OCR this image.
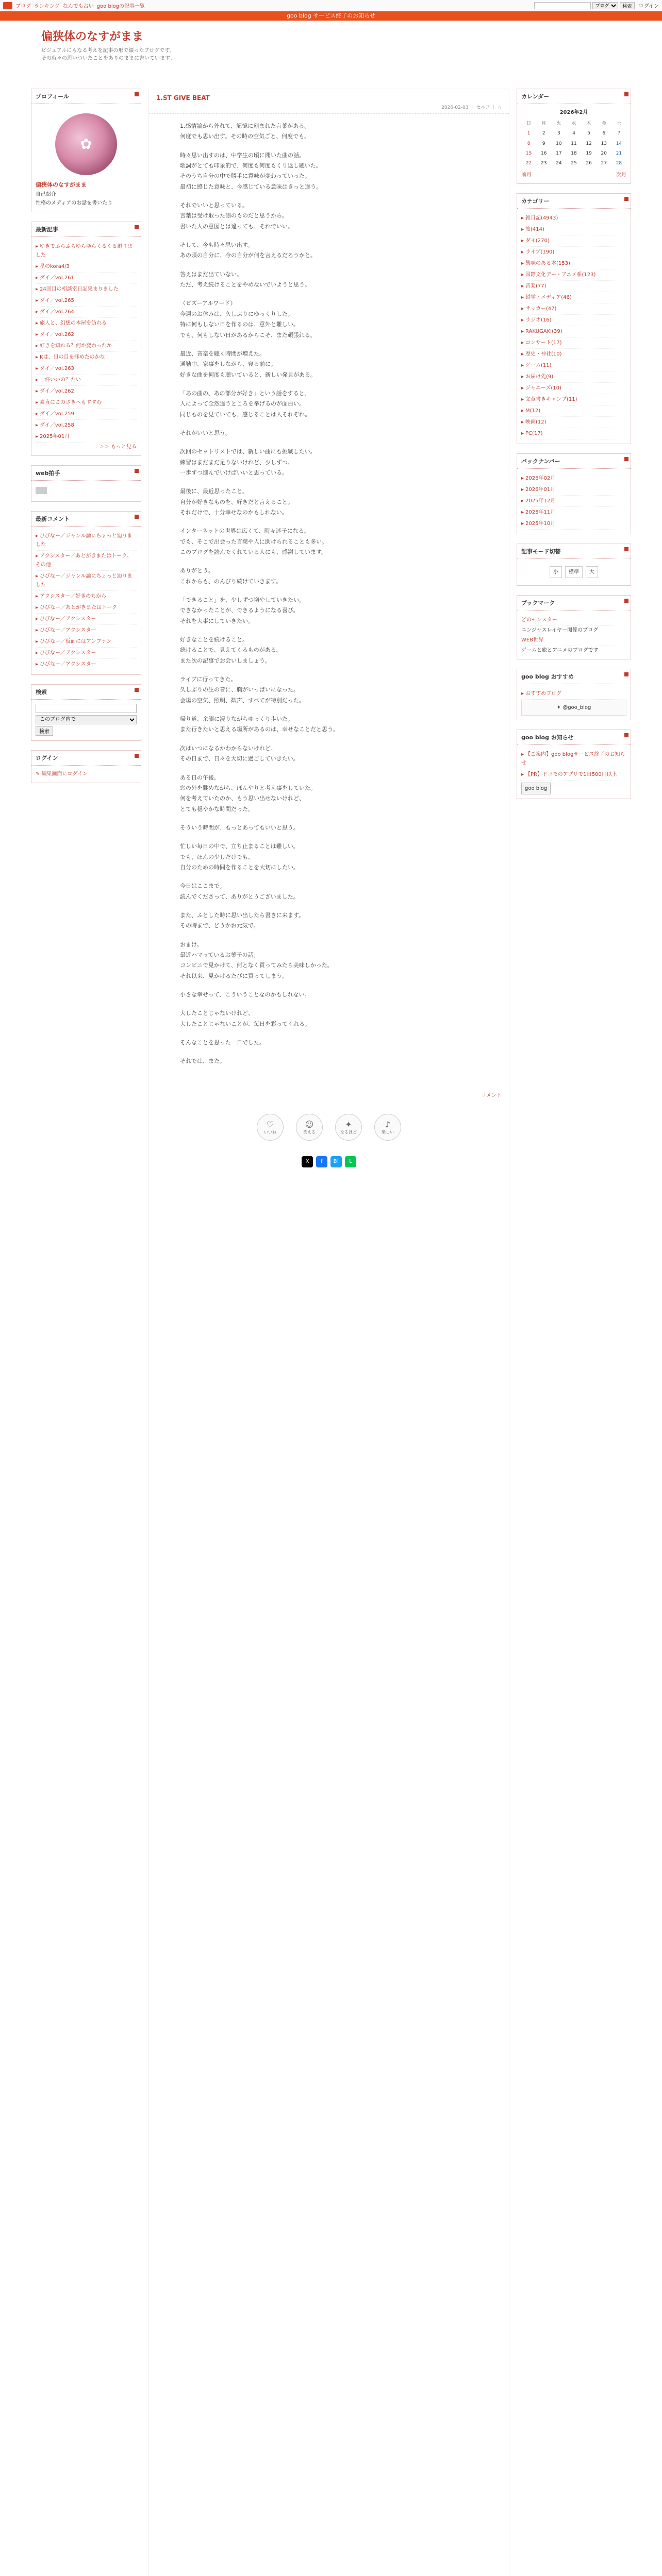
ブログ ランキング なんでも占い goo blogの記事一覧
ブログ	検索	ログイン
goo blog サービス終了のお知らせ
偏狭体のなすがまま
ビジュアルにもなる考えを記事の形で綴ったブログです。
その時々の思いついたことをありのままに書いています。
プロフィール
✿
偏狭体のなすがまま
自己紹介
性格のメディアのお話を書いたり
最新記事
▸ ゆきでふらふらゆらゆらくるくる廻りました
▸ 星のkora4/3
▸ ダイ／vol.261
▸ 24回目の相談室日記集まりました
▸ ダイ／vol.265
▸ ダイ／vol.264
▸ 旅人と、幻想の本屋を訪れる
▸ ダイ／vol.262
▸ 好きを知れる？何か変わったか
▸ Kは、日の目を拝めたのかな
▸ ダイ／vol.263
▸ 一件いいの？たい
▸ ダイ／vol.262
▸ 素直にこのさきへもすすむ
▸ ダイ／vol.259
▸ ダイ／vol.258
▸ 2025年01月
＞＞ もっと見る
web拍手
最新コメント
▸ ひびなー／ジャンル論にちょっと迫りました
▸ アクシスター／あとがきまたはトーク、その他
▸ ひびなー／ジャンル論にちょっと迫りました
▸ アクシスター／好きのちから
▸ ひびなー／あとがきまたはトーク
▸ ひびなー／アクシスター
▸ ひびなー／アクシスター
▸ ひびなー／仮面にはアンファン
▸ ひびなー／アクシスター
▸ ひびなー／アクシスター
検索

このブログ内で 検索
ログイン
✎ 編集画面にログイン
1.ST GIVE BEAT
2026-02-03 ｜ セルフ ｜ ☆

1.感情論から外れて、記憶に刻まれた言葉がある。
何度でも思い出す。その時の空気ごと、何度でも。

時々思い出すのは、中学生の頃に聞いた曲の話。
歌詞がとても印象的で、何度も何度もくり返し聴いた。
そのうち自分の中で勝手に意味が変わっていった。
最初に感じた意味と、今感じている意味はきっと違う。

それでいいと思っている。
言葉は受け取った側のものだと思うから。
書いた人の意図とは違っても、それでいい。

そして、今も時々思い出す。
あの頃の自分に、今の自分が何を言えるだろうかと。

答えはまだ出ていない。
ただ、考え続けることをやめないでいようと思う。

（ビズーアルワード）
今週のお休みは、久しぶりにゆっくりした。
特に何もしない日を作るのは、意外と難しい。
でも、何もしない日があるからこそ、また頑張れる。

最近、音楽を聴く時間が増えた。
通勤中、家事をしながら、寝る前に。
好きな曲を何度も聴いていると、新しい発見がある。

「あの曲の、あの部分が好き」という話をすると、
人によって全然違うところを挙げるのが面白い。
同じものを見ていても、感じることは人それぞれ。

それがいいと思う。

次回のセットリストでは、新しい曲にも挑戦したい。
練習はまだまだ足りないけれど、少しずつ。
一歩ずつ進んでいけばいいと思っている。

最後に、最近思ったこと。
自分が好きなものを、好きだと言えること。
それだけで、十分幸せなのかもしれない。

インターネットの世界は広くて、時々迷子になる。
でも、そこで出会った言葉や人に助けられることも多い。
このブログを読んでくれている人にも、感謝しています。

ありがとう。
これからも、のんびり続けていきます。

「できること」を、少しずつ増やしていきたい。
できなかったことが、できるようになる喜び。
それを大事にしていきたい。

好きなことを続けること。
続けることで、見えてくるものがある。
また次の記事でお会いしましょう。

ライブに行ってきた。
久しぶりの生の音に、胸がいっぱいになった。
会場の空気、照明、歓声、すべてが特別だった。

帰り道、余韻に浸りながらゆっくり歩いた。
また行きたいと思える場所があるのは、幸せなことだと思う。

次はいつになるかわからないけれど、
その日まで、日々を大切に過ごしていきたい。

ある日の午後。
窓の外を眺めながら、ぼんやりと考え事をしていた。
何を考えていたのか、もう思い出せないけれど、
とても穏やかな時間だった。

そういう時間が、もっとあってもいいと思う。

忙しい毎日の中で、立ち止まることは難しい。
でも、ほんの少しだけでも、
自分のための時間を作ることを大切にしたい。

今日はここまで。
読んでくださって、ありがとうございました。

また、ふとした時に思い出したら書きに来ます。
その時まで、どうかお元気で。

おまけ。
最近ハマっているお菓子の話。
コンビニで見かけて、何となく買ってみたら美味しかった。
それ以来、見かけるたびに買ってしまう。

小さな幸せって、こういうことなのかもしれない。

大したことじゃないけれど、
大したことじゃないことが、毎日を彩ってくれる。

そんなことを思った一日でした。

それでは、また。

コメント
♡
いいね
☺
笑える
✦
なるほど
♪
楽しい
X	f	B!	L
カレンダー
2026年2月
日	月	火	水	木	金	土
1	2	3	4	5	6	7
8	9	10	11	12	13	14
15	16	17	18	19	20	21
22	23	24	25	26	27	28
前月	次月
カテゴリー
▸ 雑日記(4943)
▸ 旅(414)
▸ ダイ(270)
▸ ライブ(190)
▸ 興味のある本(153)
▸ 国際文化デー・アニメ系(123)
▸ 音楽(77)
▸ 哲学・メディア(46)
▸ サッカー(47)
▸ ラジオ(16)
▸ RAKUGAKI(39)
▸ コンサート(17)
▸ 歴史・神社(10)
▸ ゲーム(11)
▸ お届け先(9)
▸ ジャニーズ(10)
▸ 文章書きキャンプ(11)
▸ M(12)
▸ 映画(12)
▸ PC(17)
バックナンバー
▸ 2026年02月
▸ 2026年01月
▸ 2025年12月
▸ 2025年11月
▸ 2025年10月
記事モード切替
小	標準	大
ブックマーク
どのモンスター
ニンジャスレイヤー関係のブログ
WEB世界
ゲームと旅とアニメのブログです
goo blog おすすめ
▸ おすすめブログ
✦ @goo_blog
goo blog お知らせ
▸ 【ご案内】goo blogサービス終了のお知らせ
▸ 【PR】ドコモのアプリで1日500円以上
goo blog
